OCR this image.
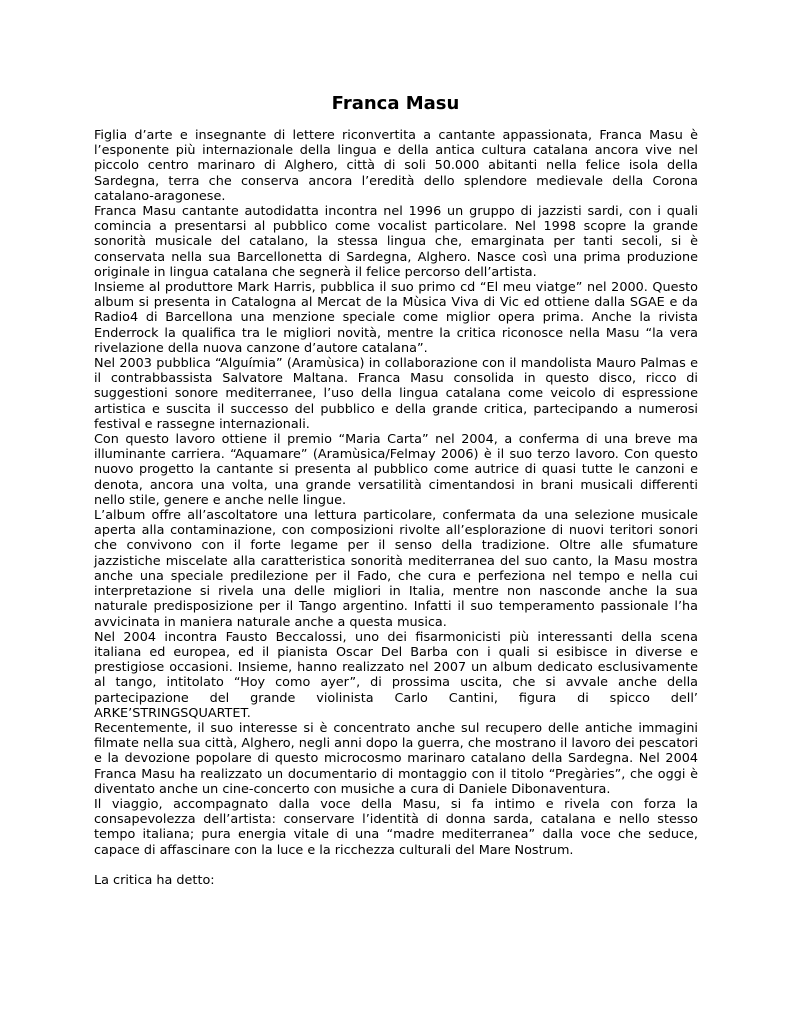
Franca Masu

Figlia d’arte e insegnante di lettere riconvertita a cantante appassionata, Franca Masu è l’esponente più internazionale della lingua e della antica cultura catalana ancora vive nel piccolo centro marinaro di Alghero, città di soli 50.000 abitanti nella felice isola della Sardegna, terra che conserva ancora l’eredità dello splendore medievale della Corona catalano-aragonese.

Franca Masu cantante autodidatta incontra nel 1996 un gruppo di jazzisti sardi, con i quali comincia a presentarsi al pubblico come vocalist particolare. Nel 1998 scopre la grande sonorità musicale del catalano, la stessa lingua che, emarginata per tanti secoli, si è conservata nella sua Barcellonetta di Sardegna, Alghero. Nasce così una prima produzione originale in lingua catalana che segnerà il felice percorso dell’artista.

Insieme al produttore Mark Harris, pubblica il suo primo cd “El meu viatge” nel 2000. Questo album si presenta in Catalogna al Mercat de la Mùsica Viva di Vic ed ottiene dalla SGAE e da Radio4 di Barcellona una menzione speciale come miglior opera prima. Anche la rivista Enderrock la qualifica tra le migliori novità, mentre la critica riconosce nella Masu “la vera rivelazione della nuova canzone d’autore catalana”.

Nel 2003 pubblica “Alguímia” (Aramùsica) in collaborazione con il mandolista Mauro Palmas e il contrabbassista Salvatore Maltana. Franca Masu consolida in questo disco, ricco di suggestioni sonore mediterranee, l’uso della lingua catalana come veicolo di espressione artistica e suscita il successo del pubblico e della grande critica, partecipando a numerosi festival e rassegne internazionali.

Con questo lavoro ottiene il premio “Maria Carta” nel 2004, a conferma di una breve ma illuminante carriera. “Aquamare” (Aramùsica/Felmay 2006) è il suo terzo lavoro. Con questo nuovo progetto la cantante si presenta al pubblico come autrice di quasi tutte le canzoni e denota, ancora una volta, una grande versatilità cimentandosi in brani musicali differenti nello stile, genere e anche nelle lingue.

L’album offre all’ascoltatore una lettura particolare, confermata da una selezione musicale aperta alla contaminazione, con composizioni rivolte all’esplorazione di nuovi teritori sonori che convivono con il forte legame per il senso della tradizione. Oltre alle sfumature jazzistiche miscelate alla caratteristica sonorità mediterranea del suo canto, la Masu mostra anche una speciale predilezione per il Fado, che cura e perfeziona nel tempo e nella cui interpretazione si rivela una delle migliori in Italia, mentre non nasconde anche la sua naturale predisposizione per il Tango argentino. Infatti il suo temperamento passionale l’ha avvicinata in maniera naturale anche a questa musica.

Nel 2004 incontra Fausto Beccalossi, uno dei fisarmonicisti più interessanti della scena italiana ed europea, ed il pianista Oscar Del Barba con i quali si esibisce in diverse e prestigiose occasioni. Insieme, hanno realizzato nel 2007 un album dedicato esclusivamente al tango, intitolato “Hoy como ayer”, di prossima uscita, che si avvale anche della partecipazione del grande violinista Carlo Cantini, figura di spicco dell’ ARKE’STRINGSQUARTET.

Recentemente, il suo interesse si è concentrato anche sul recupero delle antiche immagini filmate nella sua città, Alghero, negli anni dopo la guerra, che mostrano il lavoro dei pescatori e la devozione popolare di questo microcosmo marinaro catalano della Sardegna. Nel 2004 Franca Masu ha realizzato un documentario di montaggio con il titolo “Pregàries”, che oggi è diventato anche un cine-concerto con musiche a cura di Daniele Dibonaventura.

Il viaggio, accompagnato dalla voce della Masu, si fa intimo e rivela con forza la consapevolezza dell’artista: conservare l’identità di donna sarda, catalana e nello stesso tempo italiana; pura energia vitale di una “madre mediterranea” dalla voce che seduce, capace di affascinare con la luce e la ricchezza culturali del Mare Nostrum.

La critica ha detto:
